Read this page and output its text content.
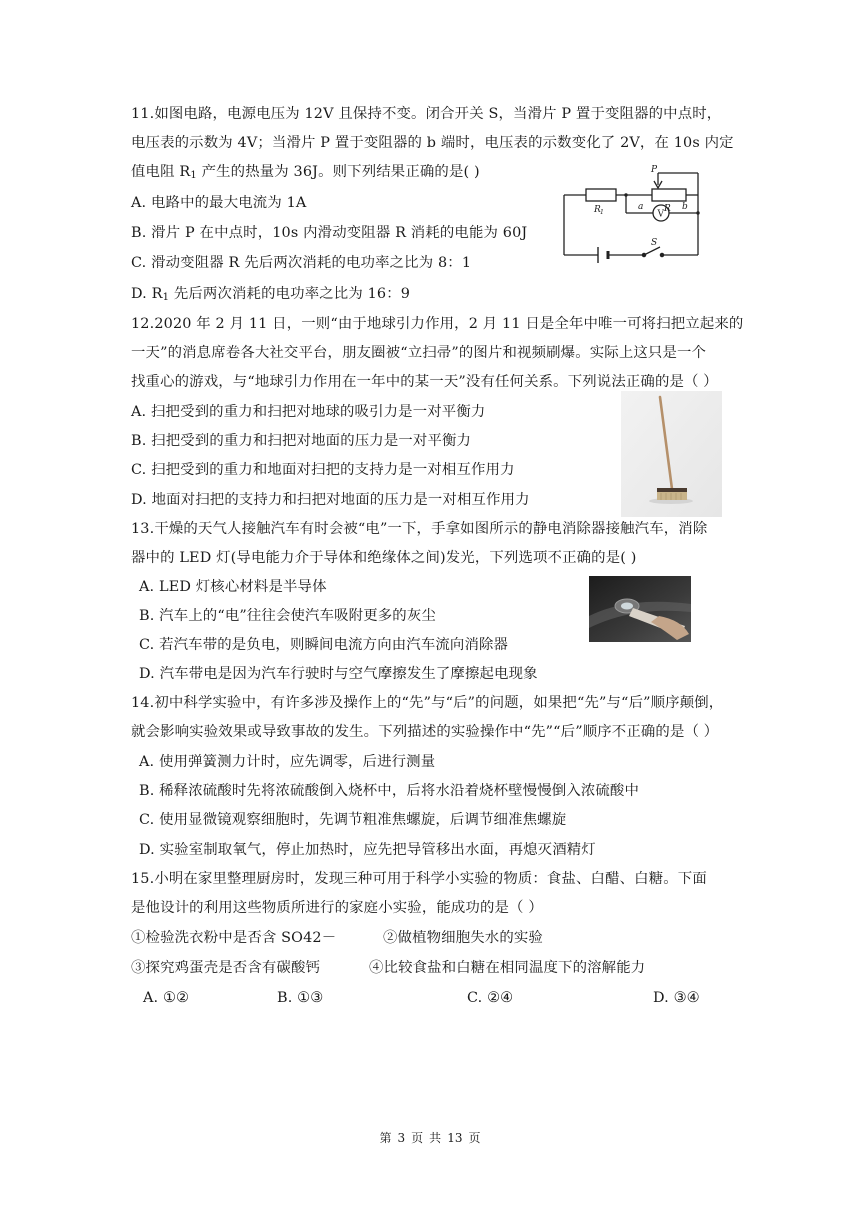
11.如图电路，电源电压为 12V 且保持不变。闭合开关 S，当滑片 P 置于变阻器的中点时，
电压表的示数为 4V；当滑片 P 置于变阻器的 b 端时，电压表的示数变化了 2V，在 10s 内定
值电阻 $R_1$ 产生的热量为 36J。则下列结果正确的是( )
A. 电路中的最大电流为 1A
B. 滑片 P 在中点时，10s 内滑动变阻器 R 消耗的电能为 60J
C. 滑动变阻器 R 先后两次消耗的电功率之比为 8：1
D. $R_1$ 先后两次消耗的电功率之比为 16：9
P
R 1
a R b
V
S
12.2020 年 2 月 11 日，一则“由于地球引力作用，2 月 11 日是全年中唯一可将扫把立起来的
一天”的消息席卷各大社交平台，朋友圈被“立扫帚”的图片和视频刷爆。实际上这只是一个
找重心的游戏，与“地球引力作用在一年中的某一天”没有任何关系。下列说法正确的是（ ）
A. 扫把受到的重力和扫把对地球的吸引力是一对平衡力
B. 扫把受到的重力和扫把对地面的压力是一对平衡力
C. 扫把受到的重力和地面对扫把的支持力是一对相互作用力
D. 地面对扫把的支持力和扫把对地面的压力是一对相互作用力
13.干燥的天气人接触汽车有时会被“电”一下，手拿如图所示的静电消除器接触汽车，消除
器中的 LED 灯(导电能力介于导体和绝缘体之间)发光，下列选项不正确的是( )
A. LED 灯核心材料是半导体
B. 汽车上的“电”往往会使汽车吸附更多的灰尘
C. 若汽车带的是负电，则瞬间电流方向由汽车流向消除器
D. 汽车带电是因为汽车行驶时与空气摩擦发生了摩擦起电现象
14.初中科学实验中，有许多涉及操作上的“先”与“后”的问题，如果把“先”与“后”顺序颠倒，
就会影响实验效果或导致事故的发生。下列描述的实验操作中“先”“后”顺序不正确的是（ ）
A. 使用弹簧测力计时，应先调零，后进行测量
B. 稀释浓硫酸时先将浓硫酸倒入烧杯中，后将水沿着烧杯壁慢慢倒入浓硫酸中
C. 使用显微镜观察细胞时，先调节粗准焦螺旋，后调节细准焦螺旋
D. 实验室制取氧气，停止加热时，应先把导管移出水面，再熄灭酒精灯
15.小明在家里整理厨房时，发现三种可用于科学小实验的物质：食盐、白醋、白糖。下面
是他设计的利用这些物质所进行的家庭小实验，能成功的是（ ）
①检验洗衣粉中是否含 SO42－	②做植物细胞失水的实验
③探究鸡蛋壳是否含有碳酸钙	④比较食盐和白糖在相同温度下的溶解能力
A. ①②	B. ①③	C. ②④	D. ③④
第 3 页 共 13 页
